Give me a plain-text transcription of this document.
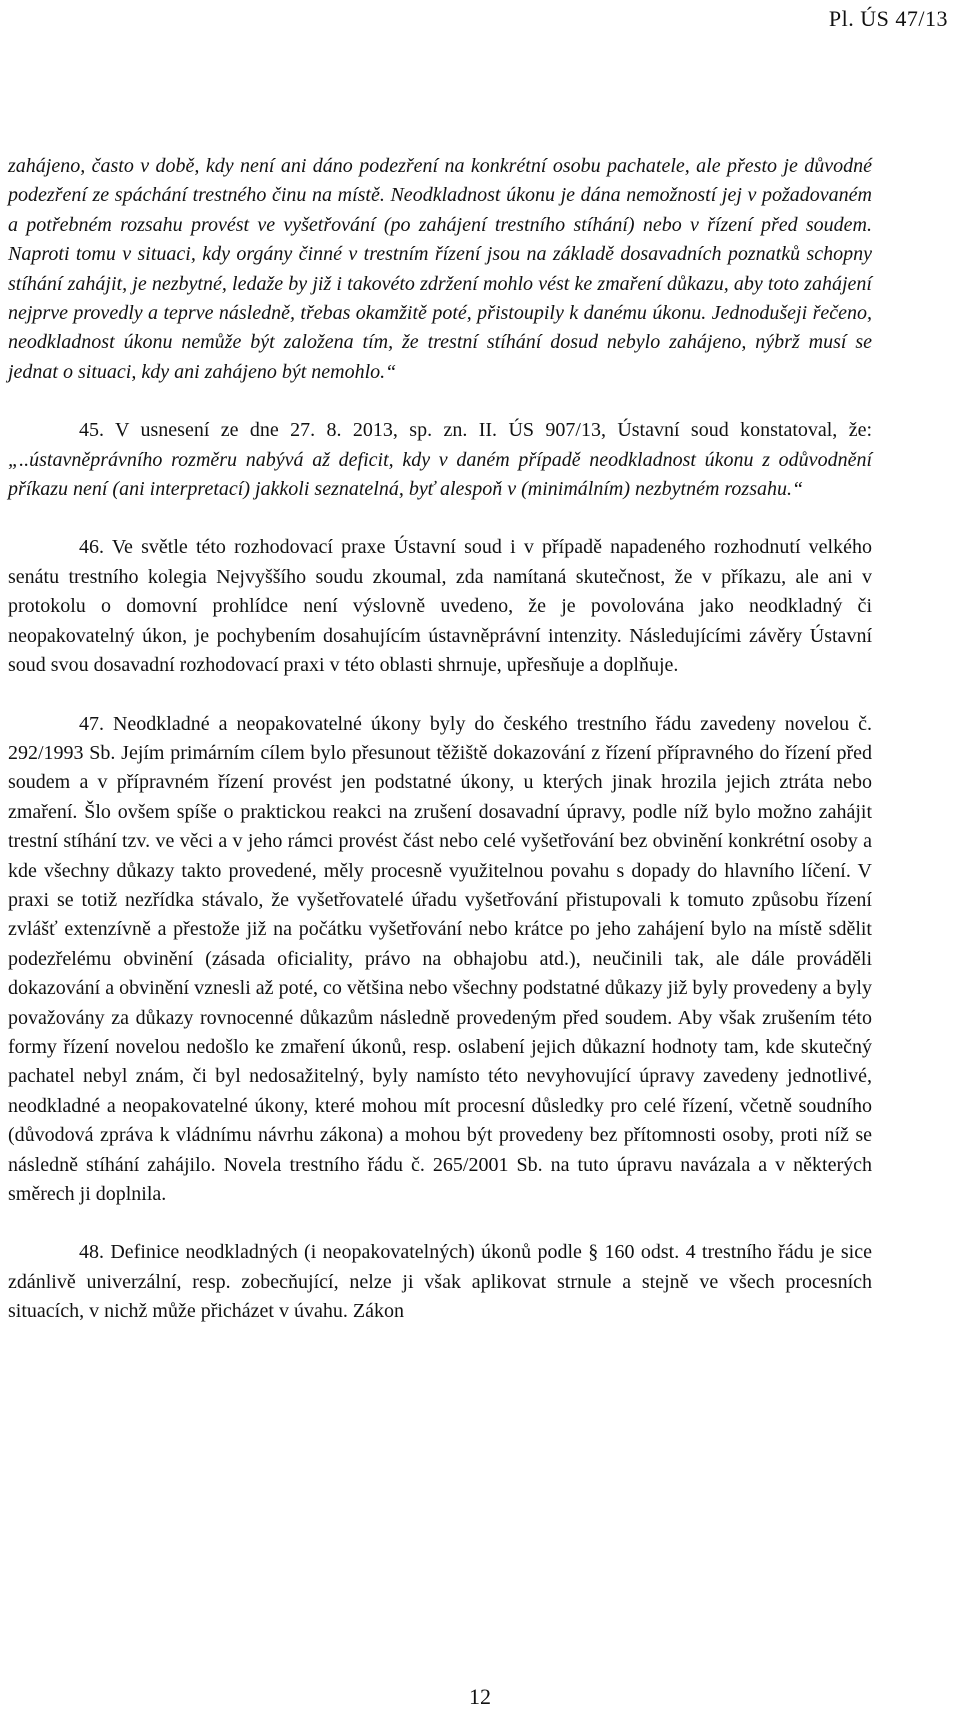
Pl. ÚS 47/13

zahájeno, často v době, kdy není ani dáno podezření na konkrétní osobu pachatele, ale přesto je důvodné podezření ze spáchání trestného činu na místě. Neodkladnost úkonu je dána nemožností jej v požadovaném a potřebném rozsahu provést ve vyšetřování (po zahájení trestního stíhání) nebo v řízení před soudem. Naproti tomu v situaci, kdy orgány činné v trestním řízení jsou na základě dosavadních poznatků schopny stíhání zahájit, je nezbytné, ledaže by již i takovéto zdržení mohlo vést ke zmaření důkazu, aby toto zahájení nejprve provedly a teprve následně, třebas okamžitě poté, přistoupily k danému úkonu. Jednodušeji řečeno, neodkladnost úkonu nemůže být založena tím, že trestní stíhání dosud nebylo zahájeno, nýbrž musí se jednat o situaci, kdy ani zahájeno být nemohlo.“

45. V usnesení ze dne 27. 8. 2013, sp. zn. II. ÚS 907/13, Ústavní soud konstatoval, že:„..ústavněprávního rozměru nabývá až deficit, kdy v daném případě neodkladnost úkonu z odůvodnění příkazu není (ani interpretací) jakkoli seznatelná, byť alespoň v (minimálním) nezbytném rozsahu.“

46. Ve světle této rozhodovací praxe Ústavní soud i v případě napadeného rozhodnutí velkého senátu trestního kolegia Nejvyššího soudu zkoumal, zda namítaná skutečnost, že v příkazu, ale ani v protokolu o domovní prohlídce není výslovně uvedeno, že je povolována jako neodkladný či neopakovatelný úkon, je pochybením dosahujícím ústavněprávní intenzity. Následujícími závěry Ústavní soud svou dosavadní rozhodovací praxi v této oblasti shrnuje, upřesňuje a doplňuje.

47. Neodkladné a neopakovatelné úkony byly do českého trestního řádu zavedeny novelou č. 292/1993 Sb. Jejím primárním cílem bylo přesunout těžiště dokazování z řízení přípravného do řízení před soudem a v přípravném řízení provést jen podstatné úkony, u kterých jinak hrozila jejich ztráta nebo zmaření. Šlo ovšem spíše o praktickou reakci na zrušení dosavadní úpravy, podle níž bylo možno zahájit trestní stíhání tzv. ve věci a v jeho rámci provést část nebo celé vyšetřování bez obvinění konkrétní osoby a kde všechny důkazy takto provedené, měly procesně využitelnou povahu s dopady do hlavního líčení. V praxi se totiž nezřídka stávalo, že vyšetřovatelé úřadu vyšetřování přistupovali k tomuto způsobu řízení zvlášť extenzívně a přestože již na počátku vyšetřování nebo krátce po jeho zahájení bylo na místě sdělit podezřelému obvinění (zásada oficiality, právo na obhajobu atd.), neučinili tak, ale dále prováděli dokazování a obvinění vznesli až poté, co většina nebo všechny podstatné důkazy již byly provedeny a byly považovány za důkazy rovnocenné důkazům následně provedeným před soudem. Aby však zrušením této formy řízení novelou nedošlo ke zmaření úkonů, resp. oslabení jejich důkazní hodnoty tam, kde skutečný pachatel nebyl znám, či byl nedosažitelný, byly namísto této nevyhovující úpravy zavedeny jednotlivé, neodkladné a neopakovatelné úkony, které mohou mít procesní důsledky pro celé řízení, včetně soudního (důvodová zpráva k vládnímu návrhu zákona) a mohou být provedeny bez přítomnosti osoby, proti níž se následně stíhání zahájilo. Novela trestního řádu č. 265/2001 Sb. na tuto úpravu navázala a v některých směrech ji doplnila.

48. Definice neodkladných (i neopakovatelných) úkonů podle § 160 odst. 4 trestního řádu je sice zdánlivě univerzální, resp. zobecňující, nelze ji však aplikovat strnule a stejně ve všech procesních situacích, v nichž může přicházet v úvahu. Zákon

12
